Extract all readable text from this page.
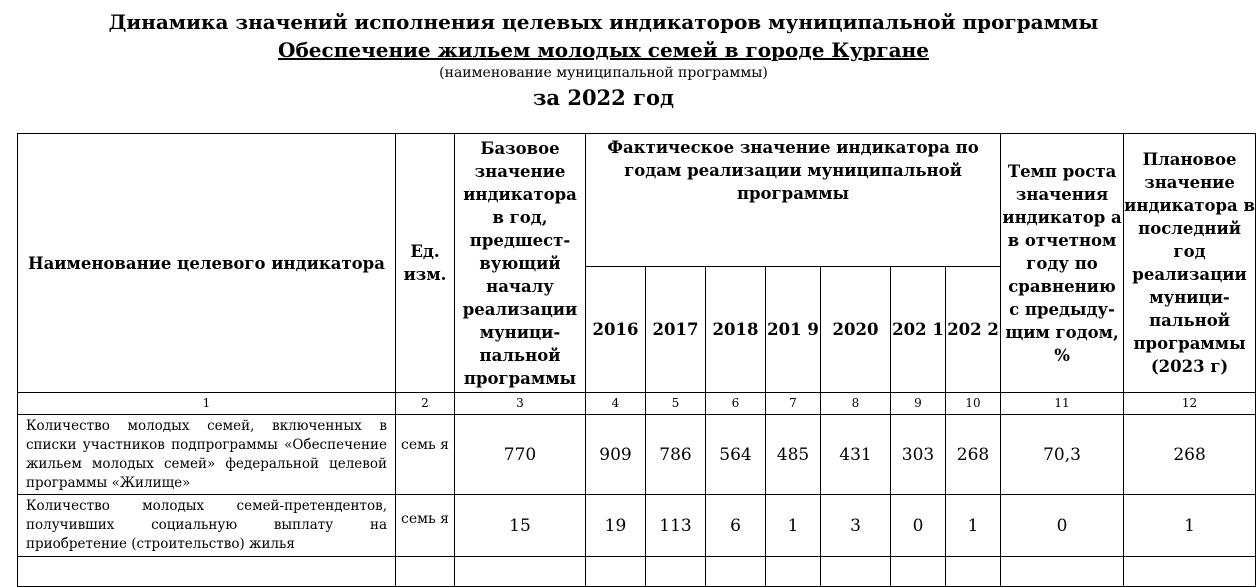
Динамика значений исполнения целевых индикаторов муниципальной программы
Обеспечение жильем молодых семей в городе Кургане
(наименование муниципальной программы)
за 2022 год
Наименование целевого индикатора	Ед. изм.	Базовое значение индикатора в год, предшест-вующий началу реализации муници-пальной программы	Фактическое значение индикатора по годам реализации муниципальной программы							Темп роста значения индикатор а в отчетном году по сравнению с предыду-щим годом, %	Плановое значение индикатора в последний год реализации муници-пальной программы (2023 г)
			2016	2017	2018	201 9	2020	202 1	202 2		
1	2	3	4	5	6	7	8	9	10	11	12
Количество молодых семей, включенных в списки участников подпрограммы «Обеспечение жильем молодых семей» федеральной целевой программы «Жилище»	семь я	770	909	786	564	485	431	303	268	70,3	268
Количество молодых семей-претендентов, получивших социальную выплату на приобретение (строительство) жилья	семь я	15	19	113	6	1	3	0	1	0	1
